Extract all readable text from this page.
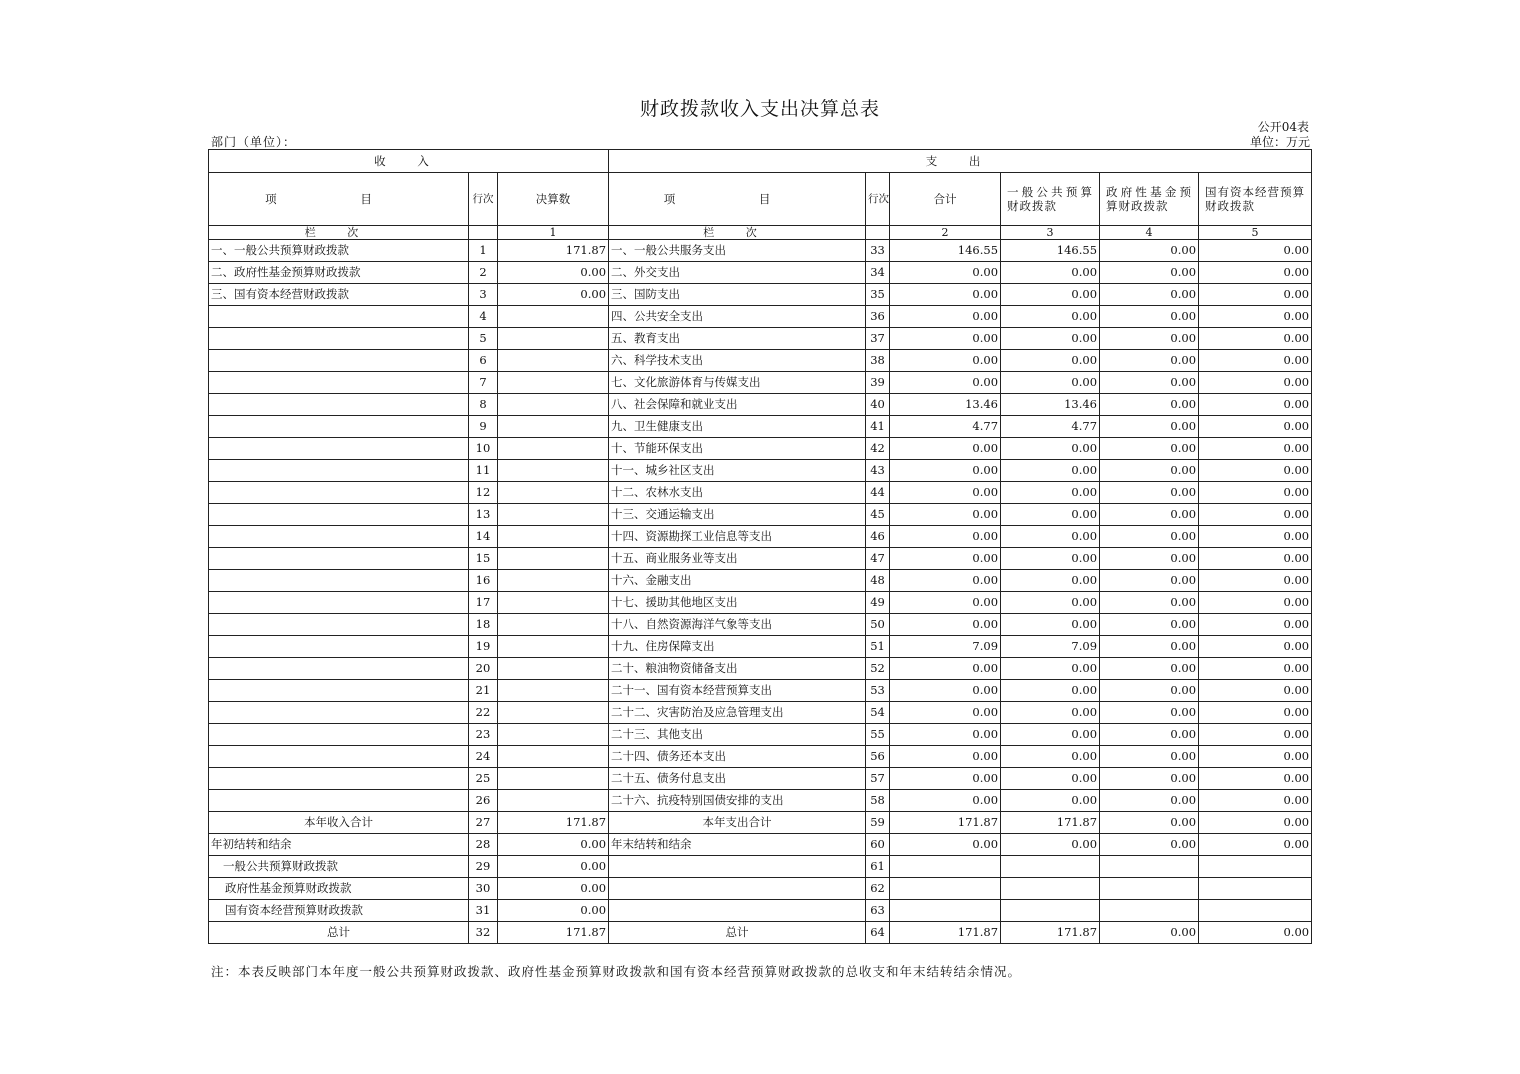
财政拨款收入支出决算总表
公开04表
部门（单位）：	单位：万元
收 入			支 出					
项 目	行次	决算数	项 目	行次	合计	一般公共预算财政拨款	政府性基金预算财政拨款	国有资本经营预算财政拨款
栏 次		1	栏 次		2	3	4	5
一、一般公共预算财政拨款	1	171.87	一、一般公共服务支出	33	146.55	146.55	0.00	0.00
二、政府性基金预算财政拨款	2	0.00	二、外交支出	34	0.00	0.00	0.00	0.00
三、国有资本经营财政拨款	3	0.00	三、国防支出	35	0.00	0.00	0.00	0.00
	4		四、公共安全支出	36	0.00	0.00	0.00	0.00
	5		五、教育支出	37	0.00	0.00	0.00	0.00
	6		六、科学技术支出	38	0.00	0.00	0.00	0.00
	7		七、文化旅游体育与传媒支出	39	0.00	0.00	0.00	0.00
	8		八、社会保障和就业支出	40	13.46	13.46	0.00	0.00
	9		九、卫生健康支出	41	4.77	4.77	0.00	0.00
	10		十、节能环保支出	42	0.00	0.00	0.00	0.00
	11		十一、城乡社区支出	43	0.00	0.00	0.00	0.00
	12		十二、农林水支出	44	0.00	0.00	0.00	0.00
	13		十三、交通运输支出	45	0.00	0.00	0.00	0.00
	14		十四、资源勘探工业信息等支出	46	0.00	0.00	0.00	0.00
	15		十五、商业服务业等支出	47	0.00	0.00	0.00	0.00
	16		十六、金融支出	48	0.00	0.00	0.00	0.00
	17		十七、援助其他地区支出	49	0.00	0.00	0.00	0.00
	18		十八、自然资源海洋气象等支出	50	0.00	0.00	0.00	0.00
	19		十九、住房保障支出	51	7.09	7.09	0.00	0.00
	20		二十、粮油物资储备支出	52	0.00	0.00	0.00	0.00
	21		二十一、国有资本经营预算支出	53	0.00	0.00	0.00	0.00
	22		二十二、灾害防治及应急管理支出	54	0.00	0.00	0.00	0.00
	23		二十三、其他支出	55	0.00	0.00	0.00	0.00
	24		二十四、债务还本支出	56	0.00	0.00	0.00	0.00
	25		二十五、债务付息支出	57	0.00	0.00	0.00	0.00
	26		二十六、抗疫特别国债安排的支出	58	0.00	0.00	0.00	0.00
本年收入合计	27	171.87	本年支出合计	59	171.87	171.87	0.00	0.00
年初结转和结余	28	0.00	年末结转和结余	60	0.00	0.00	0.00	0.00
一般公共预算财政拨款	29	0.00		61				
政府性基金预算财政拨款	30	0.00		62				
国有资本经营预算财政拨款	31	0.00		63				
总计	32	171.87	总计	64	171.87	171.87	0.00	0.00
注：本表反映部门本年度一般公共预算财政拨款、政府性基金预算财政拨款和国有资本经营预算财政拨款的总收支和年末结转结余情况。
